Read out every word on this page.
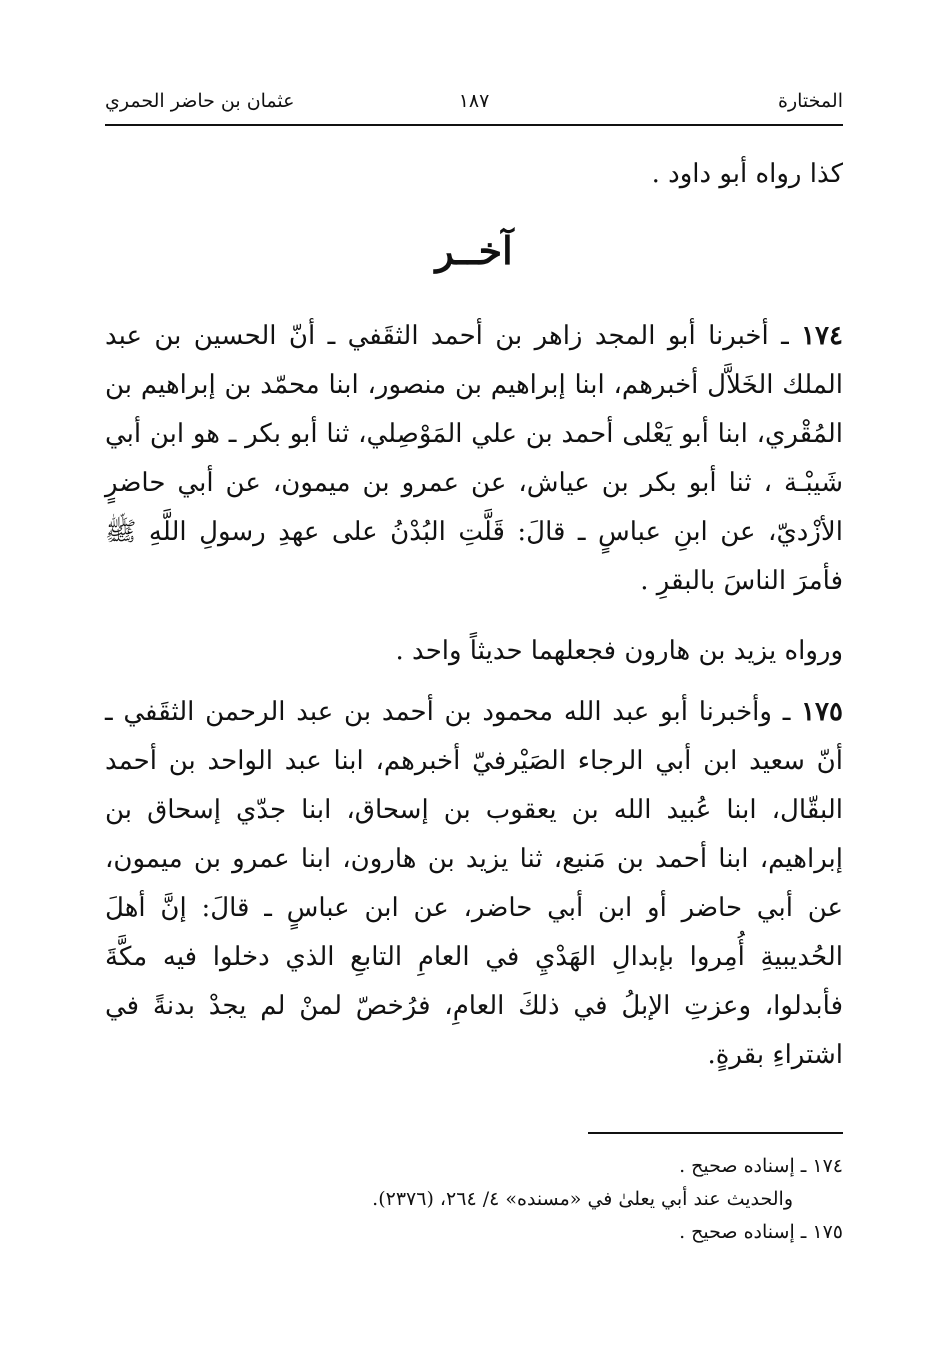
المختارة
١٨٧
عثمان بن حاضر الحمري
كذا رواه أبو داود .
آخــر
١٧٤ ـ أخبرنا أبو المجد زاهر بن أحمد الثقَفي ـ أنّ الحسين بن عبد الملك الخَلاَّل أخبرهم، ابنا إبراهيم بن منصور، ابنا محمّد بن إبراهيم بن المُقْري، ابنا أبو يَعْلى أحمد بن علي المَوْصِلي، ثنا أبو بكر ـ هو ابن أبي شَيبْـة ، ثنا أبو بكر بن عياش، عن عمرو بن ميمون، عن أبي حاضرٍ الأزْديّ، عن ابنِ عباسٍ ـ قالَ: قَلَّتِ البُدْنُ على عهدِ رسولِ اللَّهِ ﷺ فأمرَ الناسَ بالبقرِ .
ورواه يزيد بن هارون فجعلهما حديثاً واحد .
١٧٥ ـ وأخبرنا أبو عبد الله محمود بن أحمد بن عبد الرحمن الثقَفي ـ أنّ سعيد ابن أبي الرجاء الصَيْرفيّ أخبرهم، ابنا عبد الواحد بن أحمد البقّال، ابنا عُبيد الله بن يعقوب بن إسحاق، ابنا جدّي إسحاق بن إبراهيم، ابنا أحمد بن مَنيع، ثنا يزيد بن هارون، ابنا عمرو بن ميمون، عن أبي حاضر أو ابن أبي حاضر، عن ابن عباسٍ ـ قالَ: إنَّ أهلَ الحُديبيةِ أُمِروا بإبدالِ الهَدْيِ في العامِ التابعِ الذي دخلوا فيه مكَّةَ فأبدلوا، وعزتِ الإبلُ في ذلكَ العامِ، فرُخصّ لمنْ لم يجدْ بدنةً في اشتراءِ بقرةٍ.
١٧٤ ـ إسناده صحيح .
والحديث عند أبي يعلىٰ في «مسنده» ٤/ ٢٦٤، (٢٣٧٦).
١٧٥ ـ إسناده صحيح .
